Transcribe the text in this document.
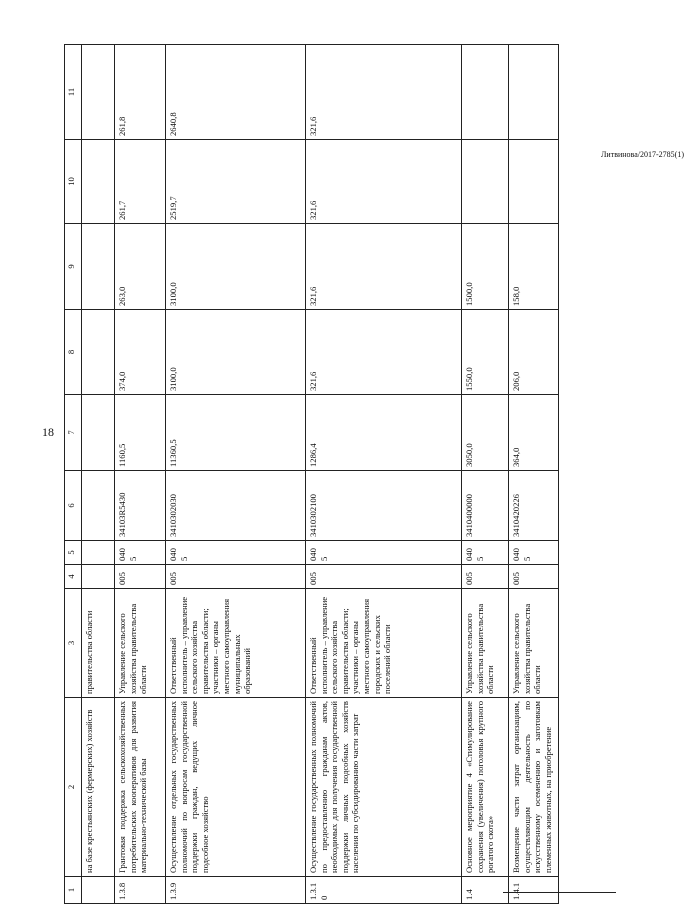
18
Литвинова/2017-2785(1)
1	2	3	4	5	6	7	8	9	10	11
	на базе крестьянских (фермерских) хозяйств	правительства области								
1.3.8	Грантовая поддержка сельскохозяйственных потребительских кооперативов для развития материально-технической базы	Управление сельского хозяйства правительства области	005	0405	34103R5430	1160,5	374,0	263,0	261,7	261,8
1.3.9	Осуществление отдельных государственных полномочий по вопросам государственной поддержки граждан, ведущих личное подсобное хозяйство	Ответственный исполнитель – управление сельского хозяйства правительства области; участники – органы местного самоуправления муниципальных образований	005	0405	3410302030	11360,5	3100,0	3100,0	2519,7	2640,8
1.3.10	Осуществление государственных полномочий по предоставлению гражданам актов, необходимых для получения государственной поддержки личных подсобных хозяйств населения по субсидированию части затрат	Ответственный исполнитель – управление сельского хозяйства правительства области; участники – органы местного самоуправления городских и сельских поселений области	005	0405	3410302100	1286,4	321,6	321,6	321,6	321,6
1.4	Основное мероприятие 4 «Стимулирование сохранения (увеличения) поголовья крупного рогатого скота»	Управление сельского хозяйства правительства области	005	0405	3410400000	3050,0	1550,0	1500,0		
1.4.1	Возмещение части затрат организациям, осуществляющим деятельность по искусственному осеменению и заготовкам племенных животных, на приобретение	Управление сельского хозяйства правительства области	005	0405	3410420226	364,0	206,0	158,0		
